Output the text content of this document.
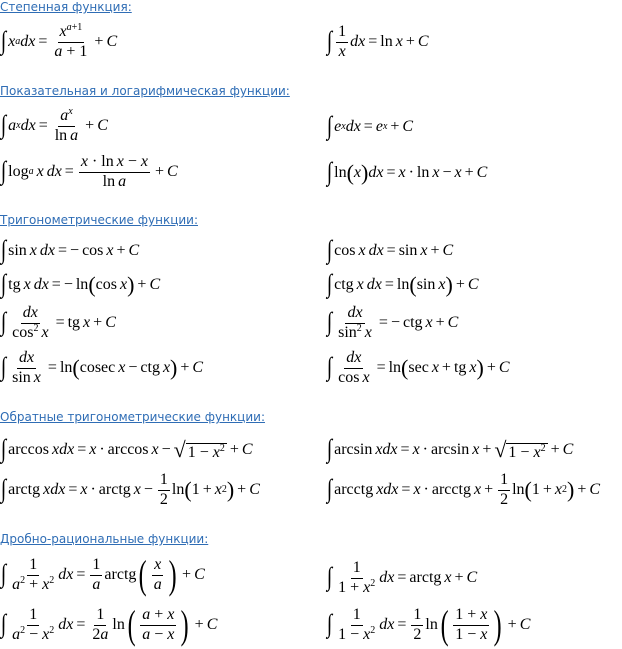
Степенная функция:
Показательная и логарифмическая функции:
Тригонометрические функции:
Обратные тригонометрические функции:
Дробно-рациональные функции:
∫ x a dx = $\frac{x^{a+1}}{a + 1} + C$	∫ $\frac{1}{x}$ dx = ln x + C
∫ a x dx = $\frac{a^x}{\text{ln a}} + C$	∫ e x dx = e x + C
∫ log a x dx = $\frac{\text{x · ln x − x}}{\text{ln a}} + C$	∫ ln ( x ) dx = x · ln x − x + C
∫ sin x dx = − cos x + C	∫ cos x dx = sin x + C
∫ tg x dx = − ln ( cos x ) + C	∫ ctg x dx = ln ( sin x ) + C
∫ $\frac{dx}{\cos^2 x}$ = tg x + C	∫ $\frac{dx}{\sin^2 x}$ = − ctg x + C
∫ $\frac{dx}{\text{sin x}} = \ln$ ( cosec x − ctg x ) + C	∫ $\frac{dx}{\text{cos x}} = \ln$ ( sec x + tg x ) + C
∫ arccos xdx = x · arccos x − √ $1 - x^2 + C$	∫ arcsin xdx = x · arcsin x + √ $1 - x^2 + C$
∫ arctg xdx = x · arctg $x - \frac{1}{2}$ ln ( 1 + x 2 ) + C	∫ arcctg xdx = x · arcctg $x + \frac{1}{2}$ ln ( 1 + x 2 ) + C
∫ $\frac{1}{a^2 + x^2}$ dx = $\frac{1}{a}$ arctg ( $\frac{x}{a}$ ) + C	∫ $\frac{1}{1 + x^2}$ dx = arctg x + C
∫ $\frac{1}{a^2 - x^2}$ dx = $\frac{1}{2a}$ ln ( $\frac{a + x}{a - x}$ ) + C	∫ $\frac{1}{1 - x^2}$ dx = $\frac{1}{2}$ ln ( $\frac{1 + x}{1 - x}$ ) + C
